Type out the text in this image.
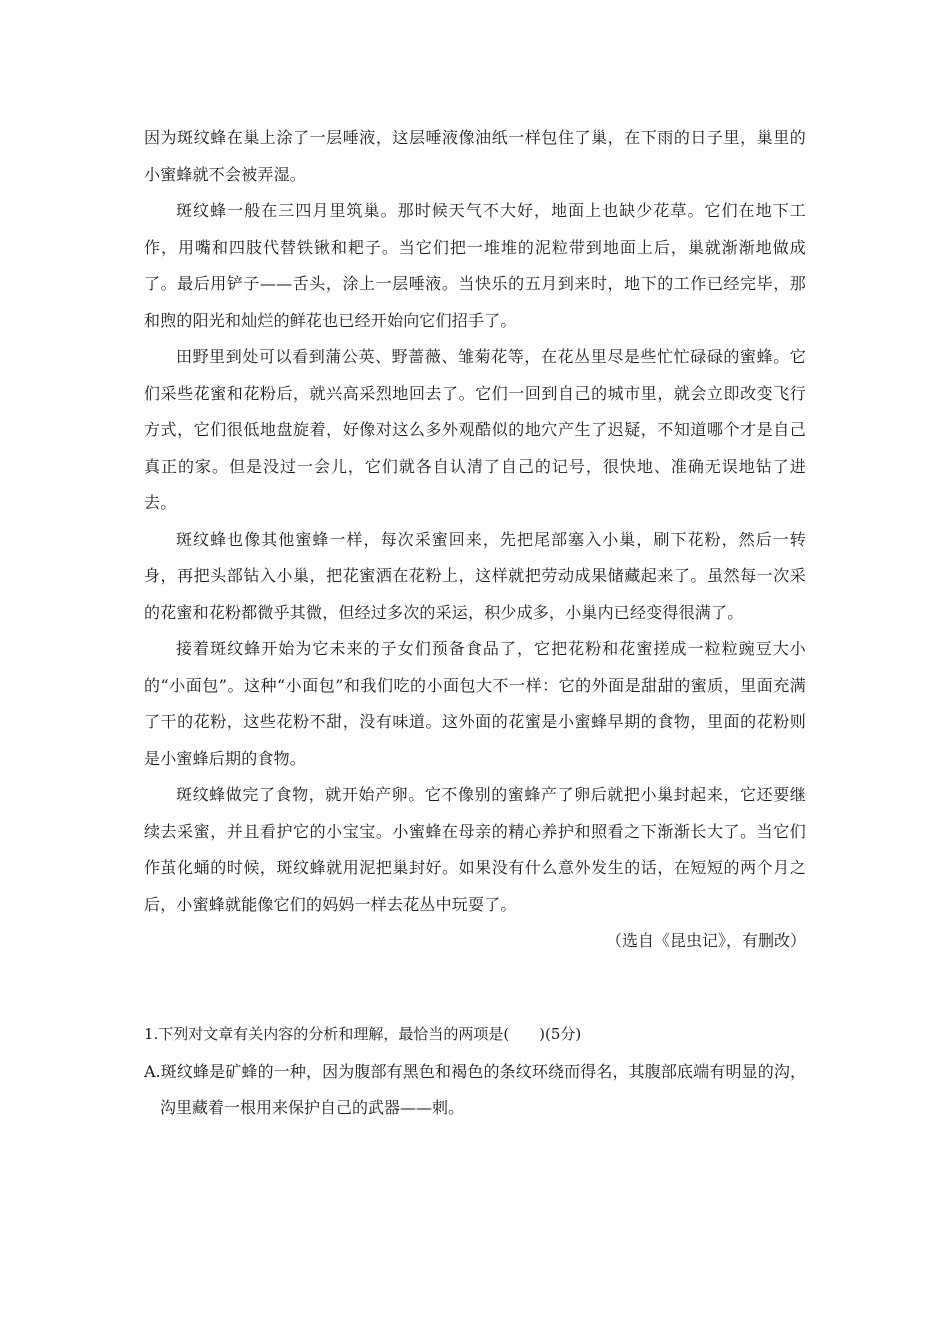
因为斑纹蜂在巢上涂了一层唾液，这层唾液像油纸一样包住了巢，在下雨的日子里，巢里的小蜜蜂就不会被弄湿。

斑纹蜂一般在三四月里筑巢。那时候天气不大好，地面上也缺少花草。它们在地下工作，用嘴和四肢代替铁锹和耙子。当它们把一堆堆的泥粒带到地面上后，巢就渐渐地做成了。最后用铲子——舌头，涂上一层唾液。当快乐的五月到来时，地下的工作已经完毕，那和煦的阳光和灿烂的鲜花也已经开始向它们招手了。

田野里到处可以看到蒲公英、野蔷薇、雏菊花等，在花丛里尽是些忙忙碌碌的蜜蜂。它们采些花蜜和花粉后，就兴高采烈地回去了。它们一回到自己的城市里，就会立即改变飞行方式，它们很低地盘旋着，好像对这么多外观酷似的地穴产生了迟疑，不知道哪个才是自己真正的家。但是没过一会儿，它们就各自认清了自己的记号，很快地、准确无误地钻了进去。

斑纹蜂也像其他蜜蜂一样，每次采蜜回来，先把尾部塞入小巢，刷下花粉，然后一转身，再把头部钻入小巢，把花蜜洒在花粉上，这样就把劳动成果储藏起来了。虽然每一次采的花蜜和花粉都微乎其微，但经过多次的采运，积少成多，小巢内已经变得很满了。

接着斑纹蜂开始为它未来的子女们预备食品了，它把花粉和花蜜搓成一粒粒豌豆大小的“小面包”。这种“小面包”和我们吃的小面包大不一样：它的外面是甜甜的蜜质，里面充满了干的花粉，这些花粉不甜，没有味道。这外面的花蜜是小蜜蜂早期的食物，里面的花粉则是小蜜蜂后期的食物。

斑纹蜂做完了食物，就开始产卵。它不像别的蜜蜂产了卵后就把小巢封起来，它还要继续去采蜜，并且看护它的小宝宝。小蜜蜂在母亲的精心养护和照看之下渐渐长大了。当它们作茧化蛹的时候，斑纹蜂就用泥把巢封好。如果没有什么意外发生的话，在短短的两个月之后，小蜜蜂就能像它们的妈妈一样去花丛中玩耍了。

（选自《昆虫记》，有删改）

1.下列对文章有关内容的分析和理解，最恰当的两项是(　　)(5分)

A.斑纹蜂是矿蜂的一种，因为腹部有黑色和褐色的条纹环绕而得名，其腹部底端有明显的沟，沟里藏着一根用来保护自己的武器——刺。
